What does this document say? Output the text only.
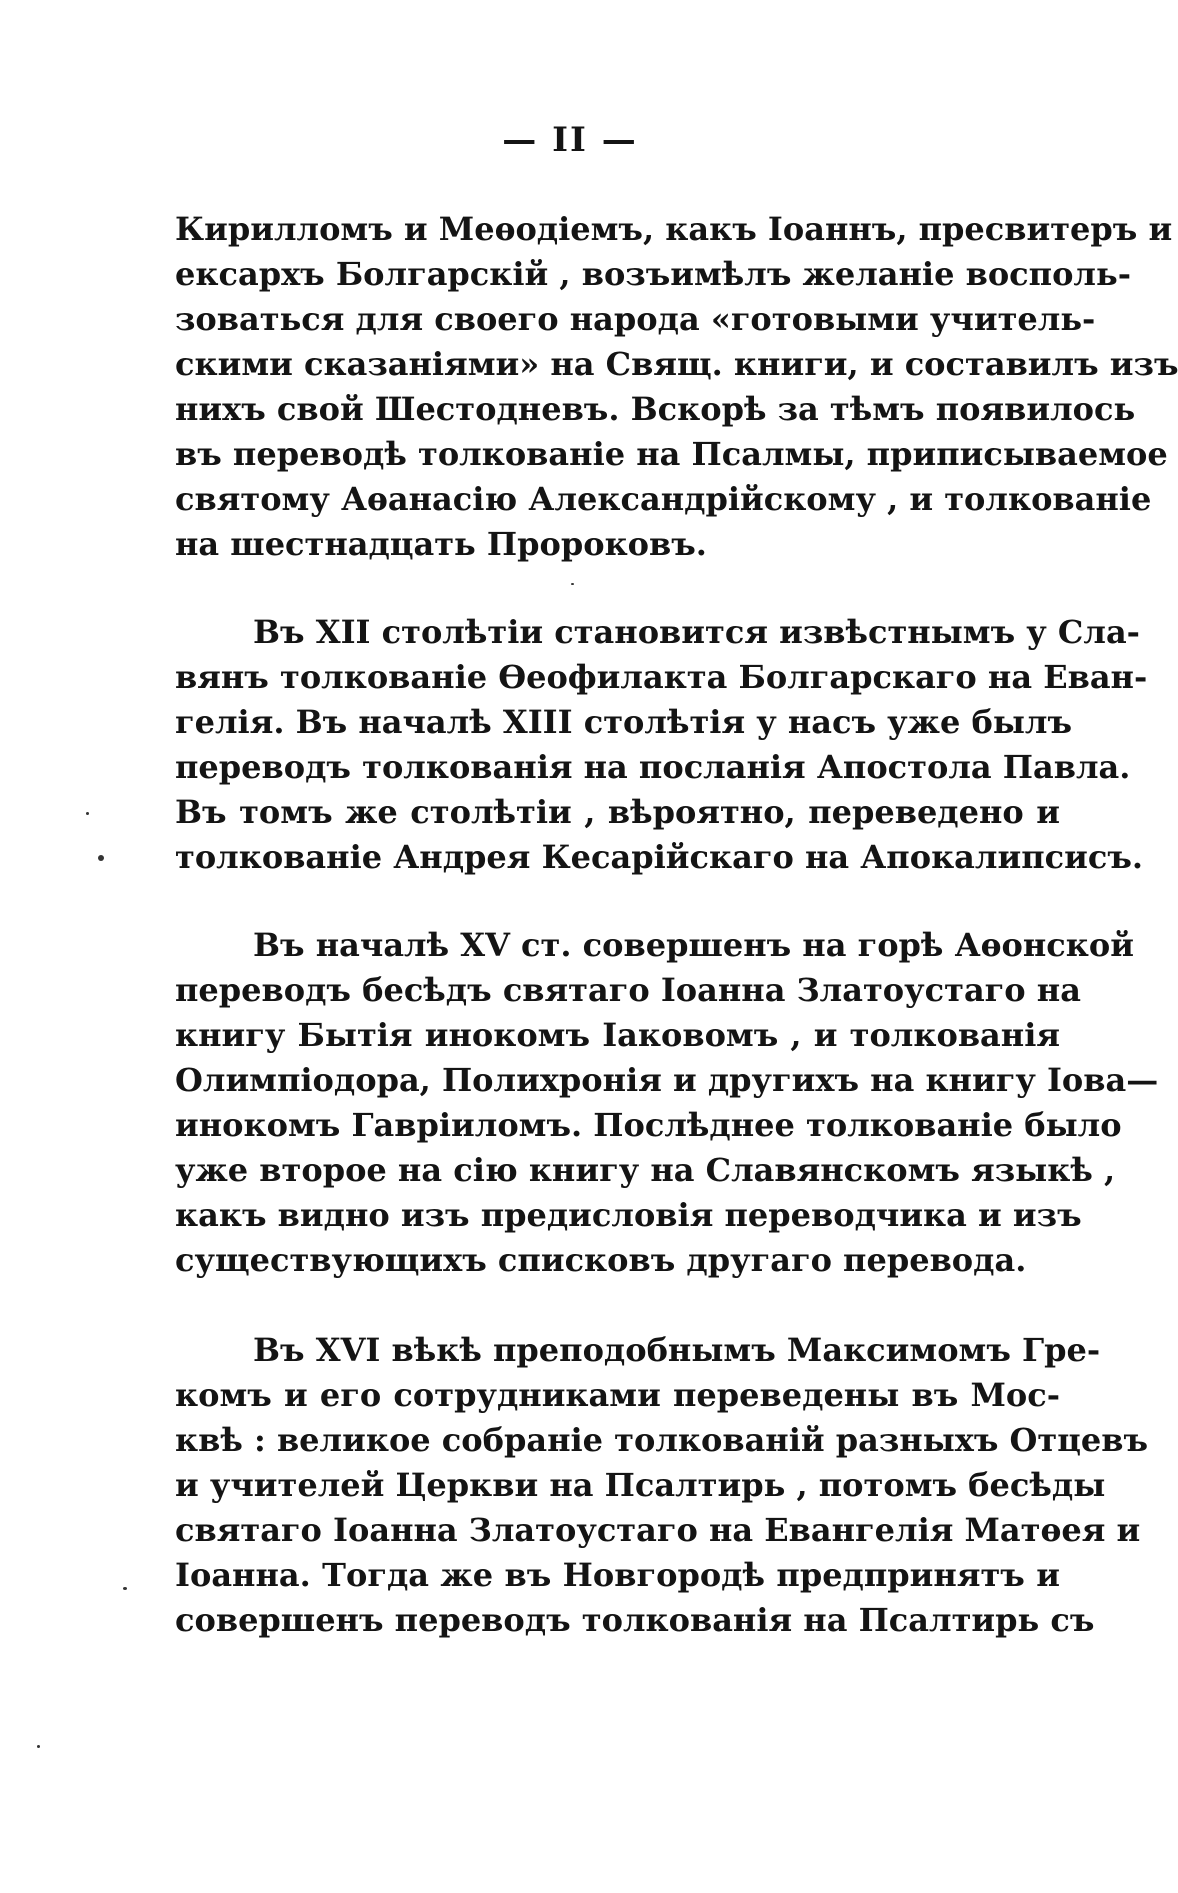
— II —
Кирилломъ и Меѳодіемъ, какъ Іоаннъ, пресвитеръ и
ексархъ Болгарскій , возъимѣлъ желаніе восполь-
зоваться для своего народа «готовыми учитель-
скими сказаніями» на Свящ. книги, и составилъ изъ
нихъ свой Шестодневъ. Вскорѣ за тѣмъ появилось
въ переводѣ толкованіе на Псалмы, приписываемое
святому Аѳанасію Александрійскому , и толкованіе
на шестнадцать Пророковъ.
Въ XII столѣтіи становится извѣстнымъ у Сла-
вянъ толкованіе Ѳеофилакта Болгарскаго на Еван-
гелія. Въ началѣ XIII столѣтія у насъ уже былъ
переводъ толкованія на посланія Апостола Павла.
Въ томъ же столѣтіи , вѣроятно, переведено и
толкованіе Андрея Кесарійскаго на Апокалипсисъ.
Въ началѣ XV ст. совершенъ на горѣ Аѳонской
переводъ бесѣдъ святаго Іоанна Златоустаго на
книгу Бытія инокомъ Іаковомъ , и толкованія
Олимпіодора, Полихронія и другихъ на книгу Іова—
инокомъ Гавріиломъ. Послѣднее толкованіе было
уже второе на сію книгу на Славянскомъ языкѣ ,
какъ видно изъ предисловія переводчика и изъ
существующихъ списковъ другаго перевода.
Въ XVI вѣкѣ преподобнымъ Максимомъ Гре-
комъ и его сотрудниками переведены въ Мос-
квѣ : великое собраніе толкованій разныхъ Отцевъ
и учителей Церкви на Псалтирь , потомъ бесѣды
святаго Іоанна Златоустаго на Евангелія Матѳея и
Іоанна. Тогда же въ Новгородѣ предпринятъ и
совершенъ переводъ толкованія на Псалтирь съ
